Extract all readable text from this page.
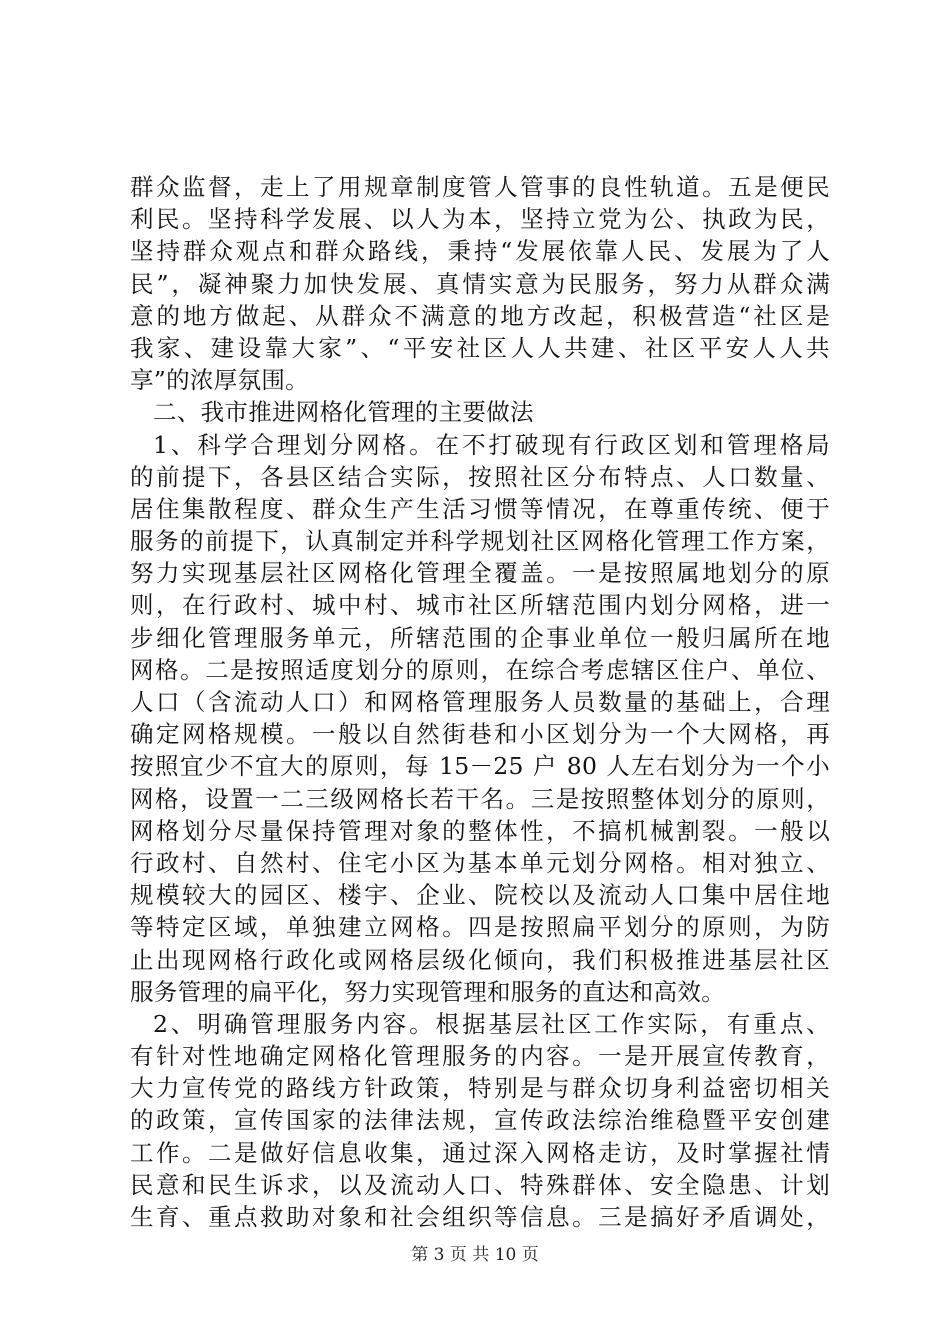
群众监督，走上了用规章制度管人管事的良性轨道。五是便民
利民。坚持科学发展、以人为本，坚持立党为公、执政为民，
坚持群众观点和群众路线，秉持“发展依靠人民、发展为了人
民”，凝神聚力加快发展、真情实意为民服务，努力从群众满
意的地方做起、从群众不满意的地方改起，积极营造“社区是
我家、建设靠大家”、“平安社区人人共建、社区平安人人共
享”的浓厚氛围。
二、我市推进网格化管理的主要做法
1、科学合理划分网格。在不打破现有行政区划和管理格局
的前提下，各县区结合实际，按照社区分布特点、人口数量、
居住集散程度、群众生产生活习惯等情况，在尊重传统、便于
服务的前提下，认真制定并科学规划社区网格化管理工作方案，
努力实现基层社区网格化管理全覆盖。一是按照属地划分的原
则，在行政村、城中村、城市社区所辖范围内划分网格，进一
步细化管理服务单元，所辖范围的企事业单位一般归属所在地
网格。二是按照适度划分的原则，在综合考虑辖区住户、单位、
人口（含流动人口）和网格管理服务人员数量的基础上，合理
确定网格规模。一般以自然街巷和小区划分为一个大网格，再
按照宜少不宜大的原则，每 15－25 户 80 人左右划分为一个小
网格，设置一二三级网格长若干名。三是按照整体划分的原则，
网格划分尽量保持管理对象的整体性，不搞机械割裂。一般以
行政村、自然村、住宅小区为基本单元划分网格。相对独立、
规模较大的园区、楼宇、企业、院校以及流动人口集中居住地
等特定区域，单独建立网格。四是按照扁平划分的原则，为防
止出现网格行政化或网格层级化倾向，我们积极推进基层社区
服务管理的扁平化，努力实现管理和服务的直达和高效。
2、明确管理服务内容。根据基层社区工作实际，有重点、
有针对性地确定网格化管理服务的内容。一是开展宣传教育，
大力宣传党的路线方针政策，特别是与群众切身利益密切相关
的政策，宣传国家的法律法规，宣传政法综治维稳暨平安创建
工作。二是做好信息收集，通过深入网格走访，及时掌握社情
民意和民生诉求，以及流动人口、特殊群体、安全隐患、计划
生育、重点救助对象和社会组织等信息。三是搞好矛盾调处，
第 3 页 共 10 页
